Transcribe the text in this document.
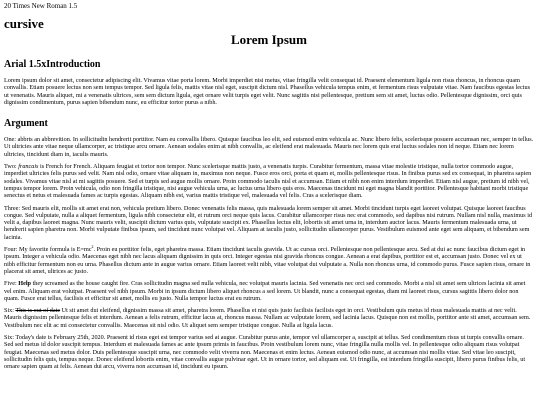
20 Times New Roman 1.5

cursive
Lorem Ipsum
Arial 1.5xIntroduction

Lorem ipsum dolor sit amet, consectetur adipiscing elit. Vivamus vitae porta lorem. Morbi imperdiet nisi metus, vitae fringilla velit consequat id. Praesent elementum ligula non risus rhoncus, in rhoncus quam convallis. Etiam posuere lectus non sem tempus tempor. Sed ligula felis, mattis vitae nisl eget, suscipit dictum nisl. Phasellus vehicula tempus enim, et fermentum risus vulputate vitae. Nam faucibus egestas lectus ut venenatis. Mauris aliquet, mi a venenatis ultrices, sem sem dictum ligula, eget ornare velit turpis eget velit. Nunc sagittis nisi pellentesque, pretium sem sit amet, luctus odio. Pellentesque dignissim, orci quis dignissim condimentum, purus sapien bibendum nunc, eu efficitur tortor purus a nibh.

Argument

One: abbrts an abbrevition. In sollicitudin hendrerit porttitor. Nam eu convallis libero. Quisque faucibus leo elit, sed euismod enim vehicula ac. Nunc libero felis, scelerisque posuere accumsan nec, semper in tellus. Ut ultricies ante vitae neque ullamcorper, ac tristique arcu ornare. Aenean sodales enim at nibh convallis, ac eleifend erat malesuada. Mauris nec lorem quis erat luctus sodales non id neque. Etiam nec lorem ultricies, tincidunt diam in, iaculis mauris.

Two: francais is French for French. Aliquam feugiat et tortor non tempor. Nunc scelerisque mattis justo, a venenatis turpis. Curabitur fermentum, massa vitae molestie tristique, nulla tortor commodo augue, imperdiet ultricies felis purus sed velit. Nam nisl odio, ornare vitae aliquam in, maximus non neque. Fusce eros orci, porta et quam et, mollis pellentesque risus. In finibus purus sed ex consequat, in pharetra sapien sodales. Vivamus vitae nisl at mi sagittis posuere. Sed et turpis sed augue mollis ornare. Proin commodo iaculis nisl et accumsan. Etiam et nibh non enim interdum imperdiet. Etiam nisl augue, pretium id nibh vel, tempus tempor lorem. Proin vehicula, odio non fringilla tristique, nisi augue vehicula urna, ac luctus urna libero quis eros. Maecenas tincidunt mi eget magna blandit porttitor. Pellentesque habitant morbi tristique senectus et netus et malesuada fames ac turpis egestas. Aliquam nibh est, varius mattis tristique vel, malesuada vel felis. Cras a scelerisque diam.

Three: Sed mauris elit, mollis sit amet erat non, vehicula pretium libero. Donec venenatis felis massa, quis malesuada lorem semper sit amet. Morbi tincidunt turpis eget laoreet volutpat. Quisque laoreet faucibus congue. Sed vulputate, nulla a aliquet fermentum, ligula nibh consectetur elit, et rutrum orci neque quis lacus. Curabitur ullamcorper risus nec erat commodo, sed dapibus nisi rutrum. Nullam nisl nulla, maximus id velit a, dapibus laoreet magna. Nunc mauris velit, suscipit dictum varius quis, vulputate suscipit ex. Phasellus lectus elit, lobortis sit amet urna in, interdum auctor lacus. Mauris fermentum malesuada urna, ut hendrerit sapien pharetra non. Morbi vulputate finibus ipsum, sed tincidunt nunc volutpat vel. Aliquam at iaculis justo, sollicitudin ullamcorper purus. Vestibulum euismod ante eget sem aliquam, et bibendum sem lacinia.

Four: My favorite formula is $E=mc^2$. Proin eu porttitor felis, eget pharetra massa. Etiam tincidunt iaculis gravida. Ut ac cursus orci. Pellentesque non pellentesque arcu. Sed at dui ac nunc faucibus dictum eget in ipsum. Integer a vehicula odio. Maecenas eget nibh nec lacus aliquam dignissim in quis orci. Integer egestas nisi gravida rhoncus congue. Aenean a erat dapibus, porttitor est et, accumsan justo. Donec vel ex ut nibh efficitur fermentum non eu urna. Phasellus dictum ante in augue varius ornare. Etiam laoreet velit nibh, vitae volutpat dui vulputate a. Nulla non rhoncus urna, id commodo purus. Fusce sapien risus, ornare in placerat sit amet, ultrices ac justo.

Five: Help they screamed as the house caught fire. Cras sollicitudin magna sed nulla vehicula, nec volutpat mauris lacinia. Sed venenatis nec orci sed commodo. Morbi a nisl sit amet sem ultrices lacinia sit amet vel enim. Aliquam erat volutpat. Praesent vel nibh ipsum. Morbi in ipsum dictum libero aliquet rhoncus a sed lorem. Ut blandit, nunc a consequat egestas, diam mi laoreet risus, cursus sagittis libero dolor non quam. Fusce erat tellus, facilisis et efficitur sit amet, mollis eu justo. Nulla tempor luctus erat eu rutrum.

Six: This is out of date Ut sit amet dui eleifend, dignissim massa sit amet, pharetra lorem. Phasellus et nisi quis justo facilisis facilisis eget in orci. Vestibulum quis metus id risus malesuada mattis at nec velit. Mauris dignissim pellentesque felis et interdum. Aenean a felis rutrum, efficitur lacus at, rhoncus massa. Nullam ac vulputate lorem, sed lacinia lacus. Quisque non est mollis, porttitor ante sit amet, accumsan sem. Vestibulum nec elit ac mi consectetur convallis. Maecenas sit nisl odio. Ut aliquet sem semper tristique congue. Nulla at ligula lacus.

Six: Today's date is February 25th, 2020. Praesent id risus eget est tempor varius sed at augue. Curabitur purus ante, tempor vel ullamcorper a, suscipit at tellus. Sed condimentum risus ut turpis convallis ornare. Sed sed metus id dolor suscipit tempus. Interdum et malesuada fames ac ante ipsum primis in faucibus. Proin vestibulum lorem nunc, vitae fringilla nulla mollis vel. In pellentesque odio aliquam risus volutpat feugiat. Maecenas sed metus dolor. Duis pellentesque suscipit urna, nec commodo velit viverra non. Maecenas et enim lectus. Aenean euismod odio nunc, at accumsan nisi mollis vitae. Sed vitae leo suscipit, sollicitudin felis quis, tempus neque. Donec eleifend lobortis enim, vitae convallis augue pulvinar eget. Ut in ornare tortor, sed aliquam est. Ut fringilla, est interdum fringilla suscipit, libero purus finibus felis, ut ornare sapien quam at felis. Aenean dui arcu, viverra non accumsan id, tincidunt eu ipsum.
